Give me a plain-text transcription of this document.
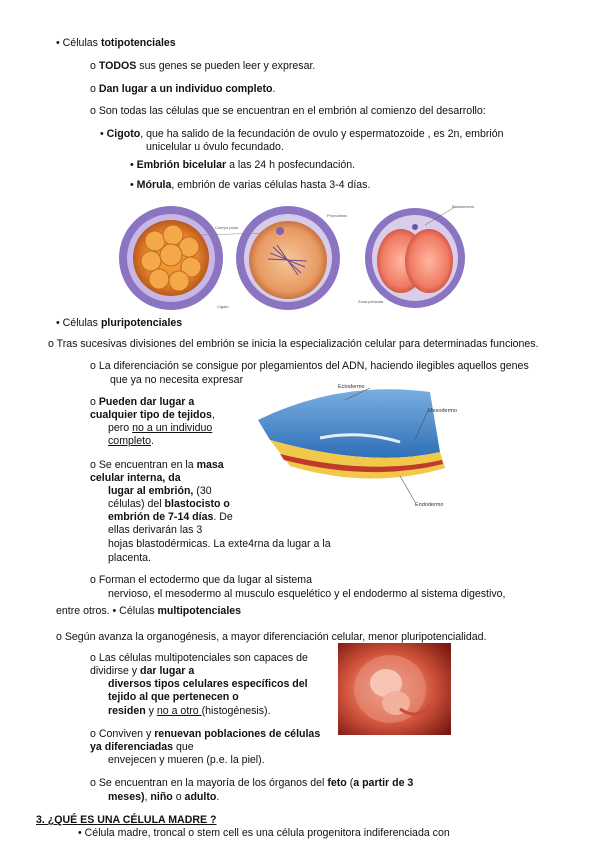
• Células totipotenciales
o TODOS sus genes se pueden leer y expresar.
o Dan lugar a un individuo completo.
o Son todas las células que se encuentran en el embrión al comienzo del desarrollo:
• Cigoto, que ha salido de la fecundación de ovulo y espermatozoide , es 2n, embrión
unicelular u óvulo fecundado.
• Embrión bicelular a las 24 h posfecundación.
• Mórula, embrión de varias células hasta 3-4 días.
Cuerpo polar
Cigoto
Pronúcleos
Blastómeros
Zona pelúcida
• Células pluripotenciales
o Tras sucesivas divisiones del embrión se inicia la especialización celular para determinadas funciones.
o La diferenciación se consigue por plegamientos del ADN, haciendo ilegibles aquellos genes
que ya no necesita expresar
o Pueden dar lugar a
cualquier tipo de tejidos,
pero no a un individuo
completo.
o Se encuentran en la masa
celular interna, da
lugar al embrión, (30
células) del blastocisto o
embrión de 7-14 días. De
ellas derivarán las 3
hojas blastodérmicas. La exte4rna da lugar a la
placenta.
Ectodermo
Mesodermo
Endodermo
o Forman el ectodermo que da lugar al sistema
nervioso, el mesodermo al musculo esquelético y el endodermo al sistema digestivo,
entre otros. • Células multipotenciales
o Según avanza la organogénesis, a mayor diferenciación celular, menor pluripotencialidad.
o Las células multipotenciales son capaces de
dividirse y dar lugar a
diversos tipos celulares específicos del
tejido al que pertenecen o
residen y no a otro (histogénesis).
o Conviven y renuevan poblaciones de células
ya diferenciadas que
envejecen y mueren (p.e. la piel).
o Se encuentran en la mayoría de los órganos del feto (a partir de 3
meses), niño o adulto.
3. ¿QUÉ ES UNA CÉLULA MADRE ?
• Célula madre, troncal o stem cell es una célula progenitora indiferenciada con
